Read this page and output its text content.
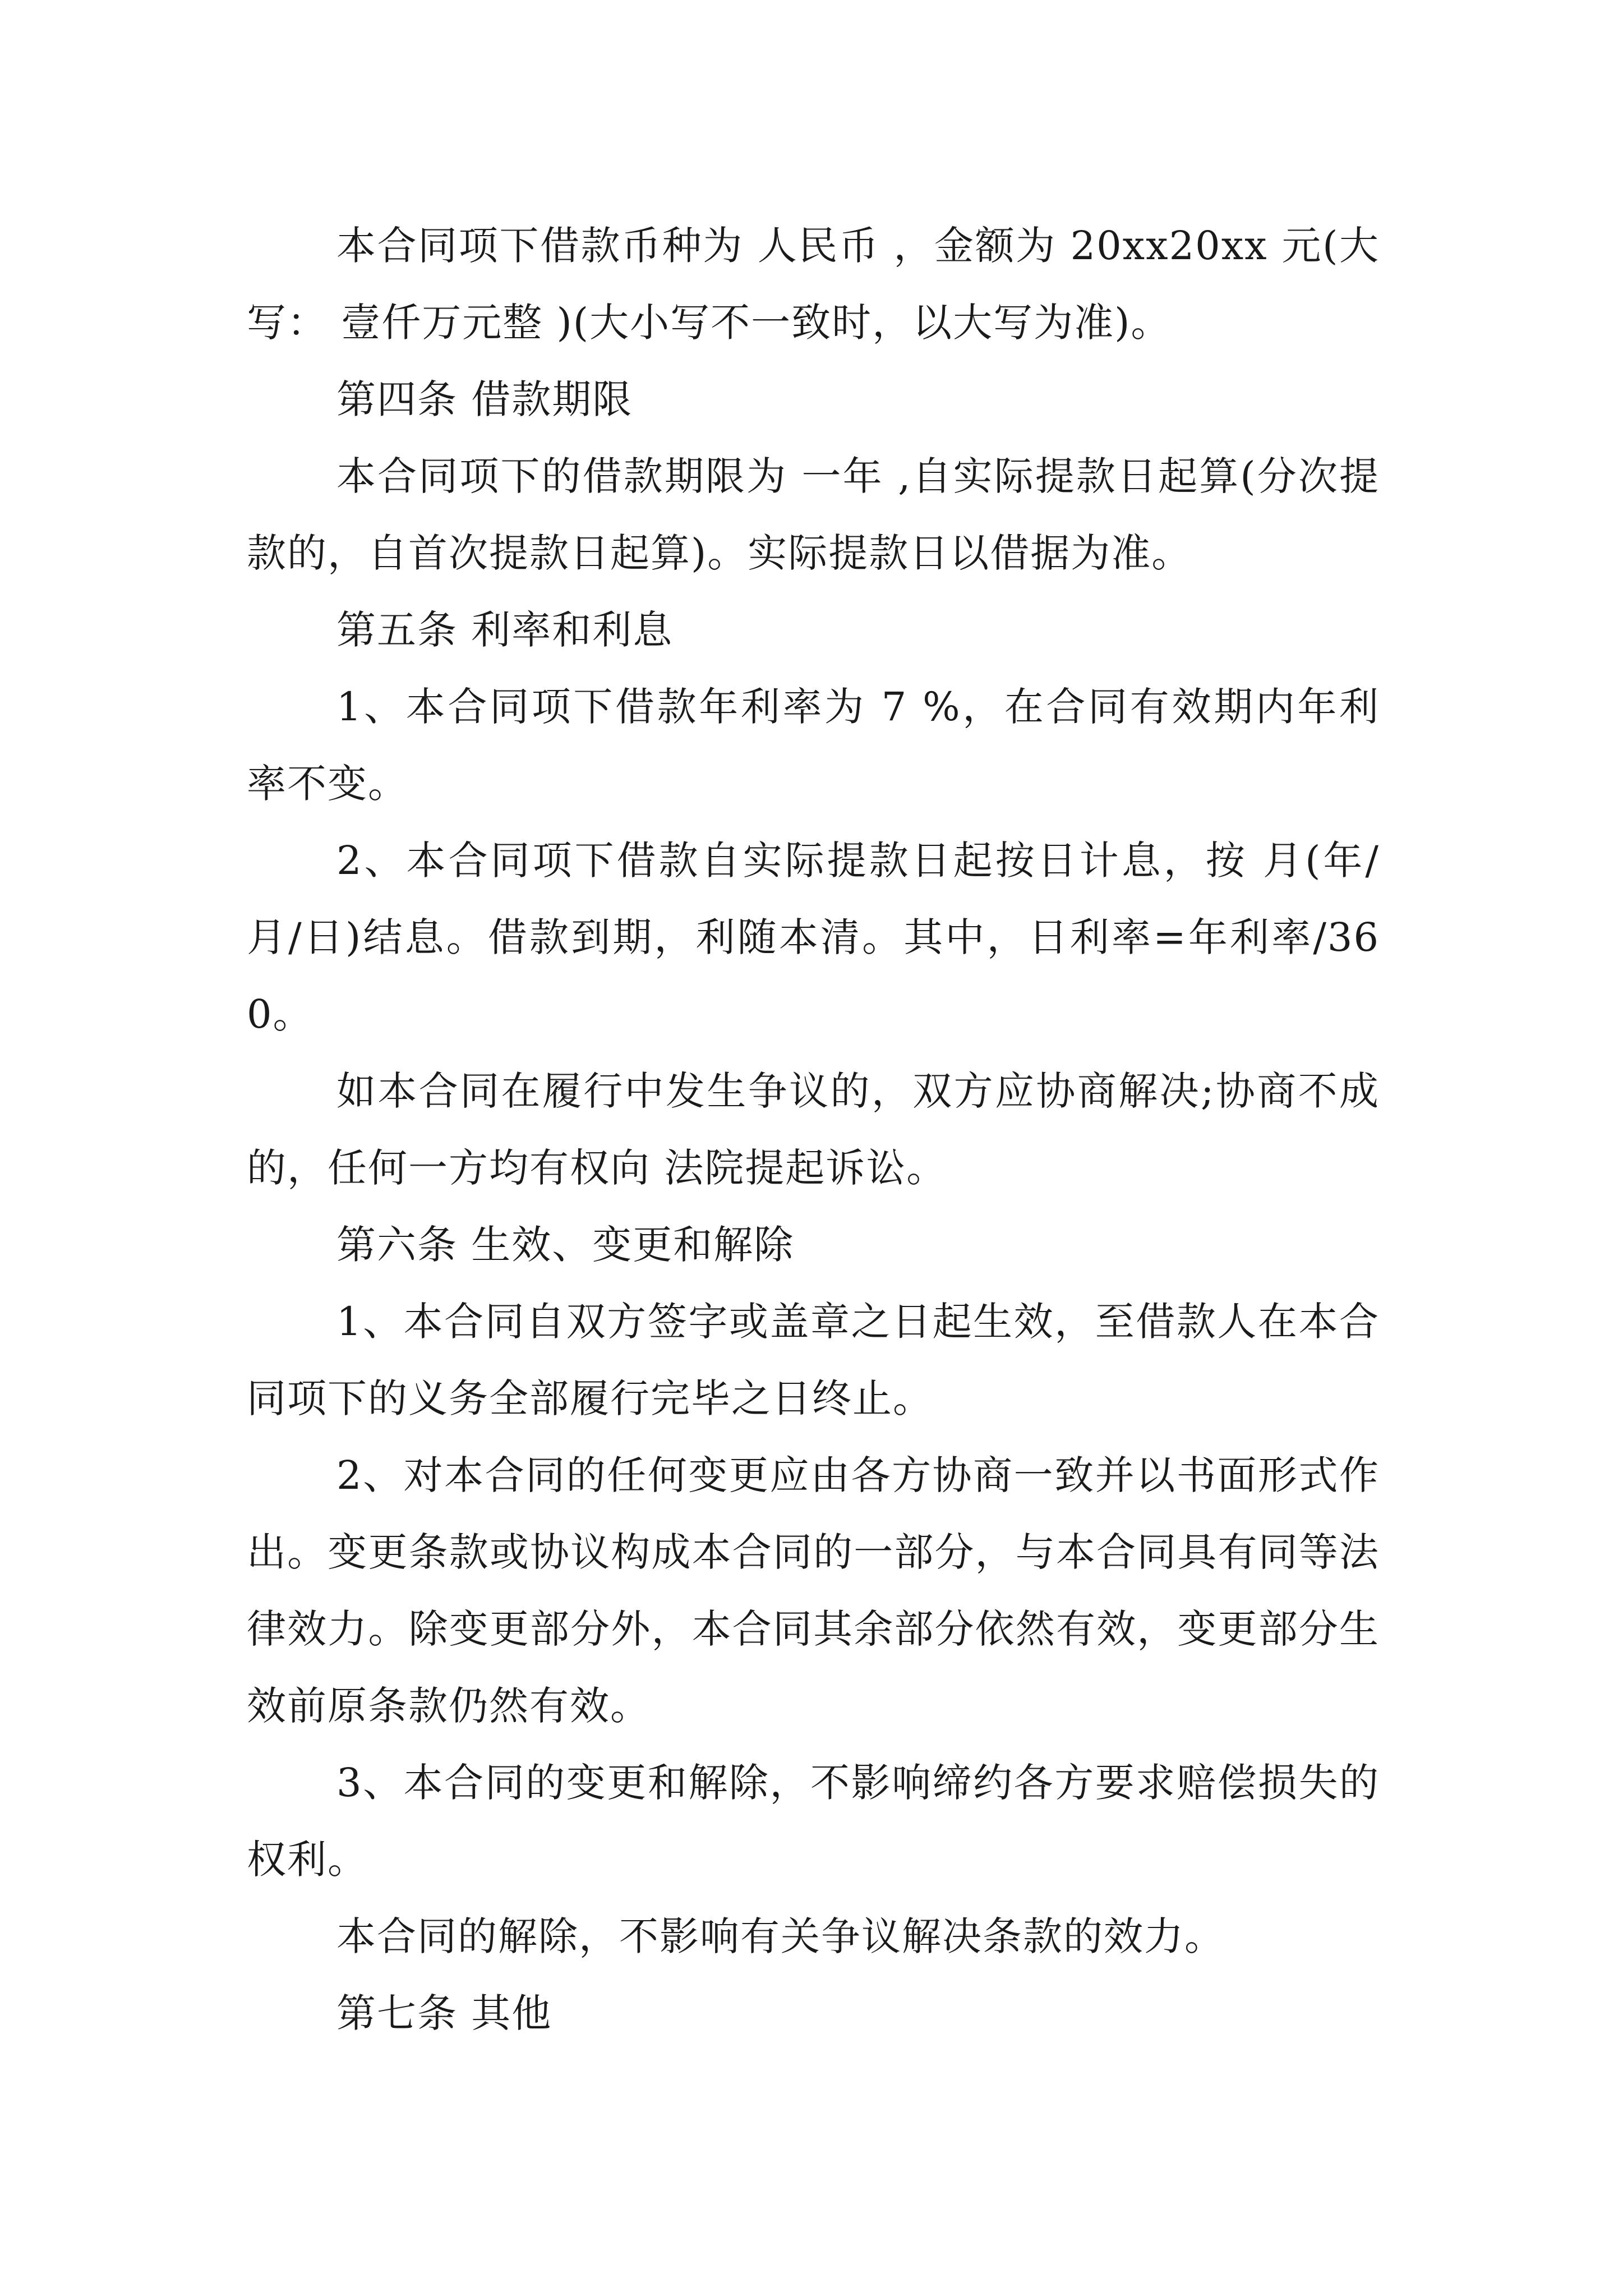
本合同项下借款币种为 人民币 ，金额为 20xx20xx 元(大写： 壹仟万元整 )(大小写不一致时，以大写为准)。

第四条 借款期限

本合同项下的借款期限为 一年 ,自实际提款日起算(分次提款的，自首次提款日起算)。实际提款日以借据为准。

第五条 利率和利息

1、本合同项下借款年利率为 7 %，在合同有效期内年利率不变。

2、本合同项下借款自实际提款日起按日计息，按 月(年/月/日)结息。借款到期，利随本清。其中，日利率=年利率/360。

如本合同在履行中发生争议的，双方应协商解决;协商不成的，任何一方均有权向 法院提起诉讼。

第六条 生效、变更和解除

1、本合同自双方签字或盖章之日起生效，至借款人在本合同项下的义务全部履行完毕之日终止。

2、对本合同的任何变更应由各方协商一致并以书面形式作出。变更条款或协议构成本合同的一部分，与本合同具有同等法律效力。除变更部分外，本合同其余部分依然有效，变更部分生效前原条款仍然有效。

3、本合同的变更和解除，不影响缔约各方要求赔偿损失的权利。

本合同的解除，不影响有关争议解决条款的效力。

第七条 其他
